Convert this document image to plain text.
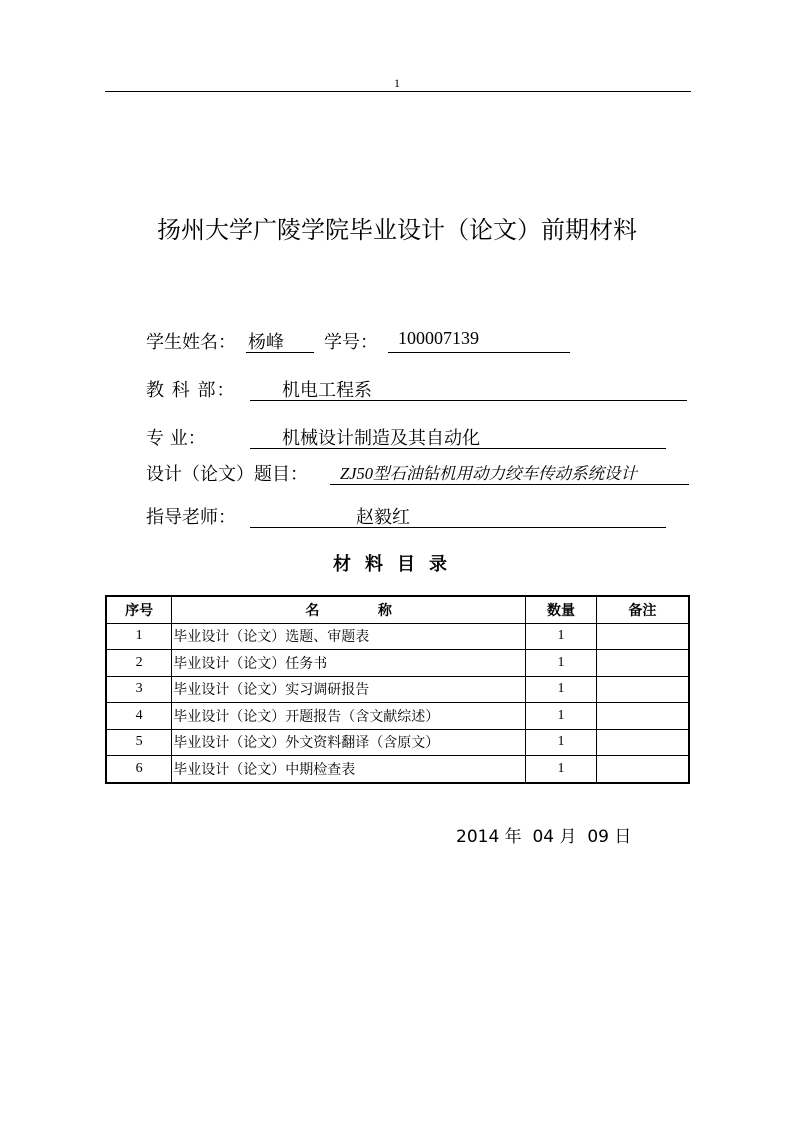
1
扬州大学广陵学院毕业设计（论文）前期材料
学生姓名： 杨峰	学号：	100007139
教 科 部：	机电工程系
专 业：	机械设计制造及其自动化
设计（论文）题目：	ZJ50型石油钻机用动力绞车传动系统设计
指导老师：	赵毅红
材料目录
序号	名            称	数量	备注
1	毕业设计（论文）选题、审题表	1	
2	毕业设计（论文）任务书	1	
3	毕业设计（论文）实习调研报告	1	
4	毕业设计（论文）开题报告（含文献综述）	1	
5	毕业设计（论文）外文资料翻译（含原文）	1	
6	毕业设计（论文）中期检查表	1	
2014 年  04 月  09 日
